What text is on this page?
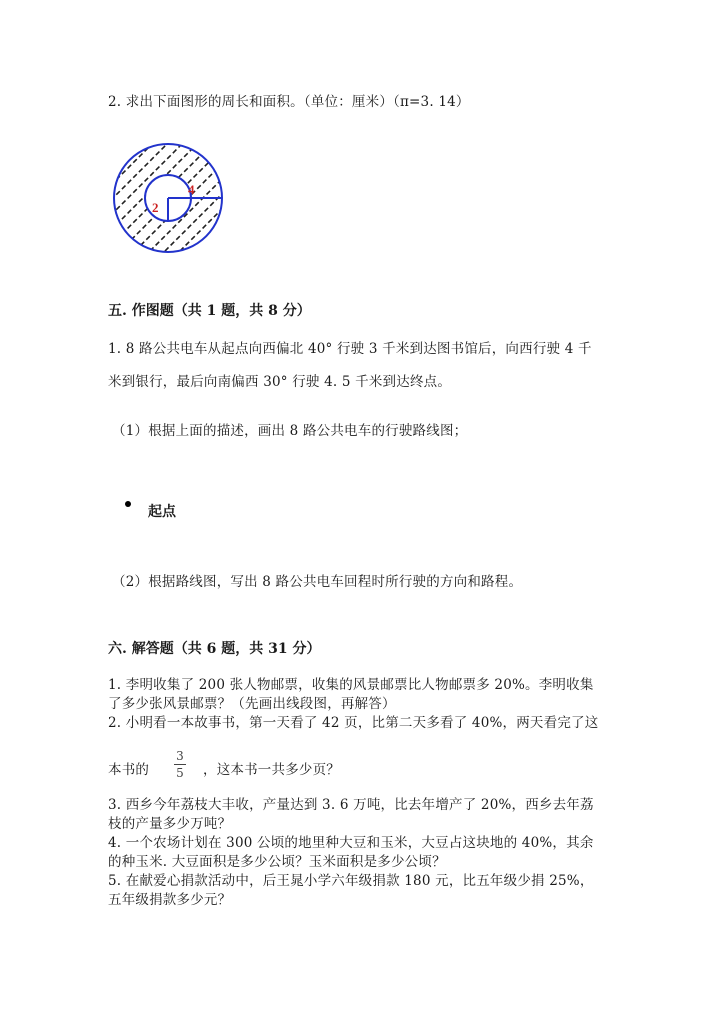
2. 求出下面图形的周长和面积。（单位：厘米）（π=3. 14）
2
4
五. 作图题（共 1 题，共 8 分）
1. 8 路公共电车从起点向西偏北 40° 行驶 3 千米到达图书馆后，向西行驶 4 千
米到银行，最后向南偏西 30° 行驶 4. 5 千米到达终点。
（1）根据上面的描述，画出 8 路公共电车的行驶路线图；
起点
（2）根据路线图，写出 8 路公共电车回程时所行驶的方向和路程。
六. 解答题（共 6 题，共 31 分）
1. 李明收集了 200 张人物邮票，收集的风景邮票比人物邮票多 20%。李明收集
了多少张风景邮票？（先画出线段图，再解答）
2. 小明看一本故事书，第一天看了 42 页，比第二天多看了 40%，两天看完了这
本书的
3
5	，这本书一共多少页？
3. 西乡今年荔枝大丰收，产量达到 3. 6 万吨，比去年增产了 20%，西乡去年荔
枝的产量多少万吨？
4. 一个农场计划在 300 公顷的地里种大豆和玉米，大豆占这块地的 40%，其余
的种玉米. 大豆面积是多少公顷？玉米面积是多少公顷？
5. 在献爱心捐款活动中，后王晁小学六年级捐款 180 元，比五年级少捐 25%，
五年级捐款多少元？
